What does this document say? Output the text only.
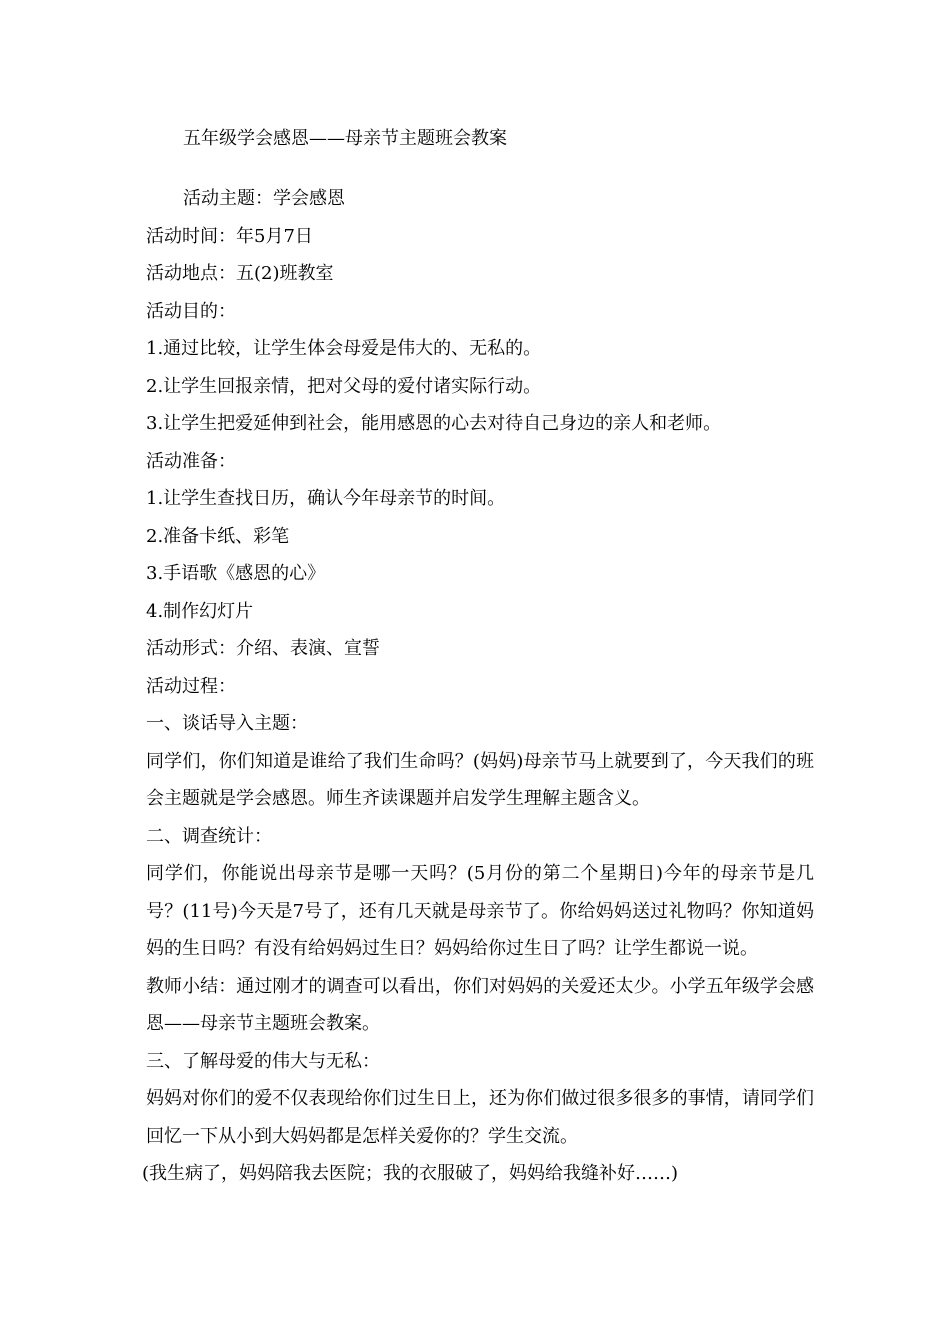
五年级学会感恩——母亲节主题班会教案
活动主题：学会感恩
活动时间：年5月7日
活动地点：五(2)班教室
活动目的：
1.通过比较，让学生体会母爱是伟大的、无私的。
2.让学生回报亲情，把对父母的爱付诸实际行动。
3.让学生把爱延伸到社会，能用感恩的心去对待自己身边的亲人和老师。
活动准备：
1.让学生查找日历，确认今年母亲节的时间。
2.准备卡纸、彩笔
3.手语歌《感恩的心》
4.制作幻灯片
活动形式：介绍、表演、宣誓
活动过程：
一、谈话导入主题：
同学们，你们知道是谁给了我们生命吗？(妈妈)母亲节马上就要到了，今天我们的班会主题就是学会感恩。师生齐读课题并启发学生理解主题含义。
二、调查统计：
同学们，你能说出母亲节是哪一天吗？(5月份的第二个星期日)今年的母亲节是几号？(11号)今天是7号了，还有几天就是母亲节了。你给妈妈送过礼物吗？你知道妈妈的生日吗？有没有给妈妈过生日？妈妈给你过生日了吗？让学生都说一说。
教师小结：通过刚才的调查可以看出，你们对妈妈的关爱还太少。小学五年级学会感恩——母亲节主题班会教案。
三、了解母爱的伟大与无私：
妈妈对你们的爱不仅表现给你们过生日上，还为你们做过很多很多的事情，请同学们回忆一下从小到大妈妈都是怎样关爱你的？学生交流。
(我生病了，妈妈陪我去医院；我的衣服破了，妈妈给我缝补好……)
